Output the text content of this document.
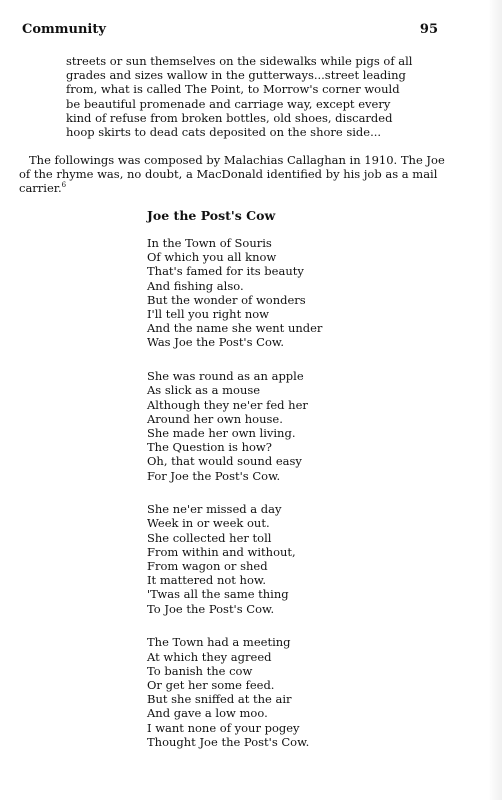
Community	95
streets or sun themselves on the sidewalks while pigs of all
grades and sizes wallow in the gutterways...street leading
from, what is called The Point, to Morrow's corner would
be beautiful promenade and carriage way, except every
kind of refuse from broken bottles, old shoes, discarded
hoop skirts to dead cats deposited on the shore side...
The followings was composed by Malachias Callaghan in 1910. The Joe
of the rhyme was, no doubt, a MacDonald identified by his job as a mail
carrier.$^6$
Joe the Post's Cow
In the Town of Souris
Of which you all know
That's famed for its beauty
And fishing also.
But the wonder of wonders
I'll tell you right now
And the name she went under
Was Joe the Post's Cow.
She was round as an apple
As slick as a mouse
Although they ne'er fed her
Around her own house.
She made her own living.
The Question is how?
Oh, that would sound easy
For Joe the Post's Cow.
She ne'er missed a day
Week in or week out.
She collected her toll
From within and without,
From wagon or shed
It mattered not how.
'Twas all the same thing
To Joe the Post's Cow.
The Town had a meeting
At which they agreed
To banish the cow
Or get her some feed.
But she sniffed at the air
And gave a low moo.
I want none of your pogey
Thought Joe the Post's Cow.
